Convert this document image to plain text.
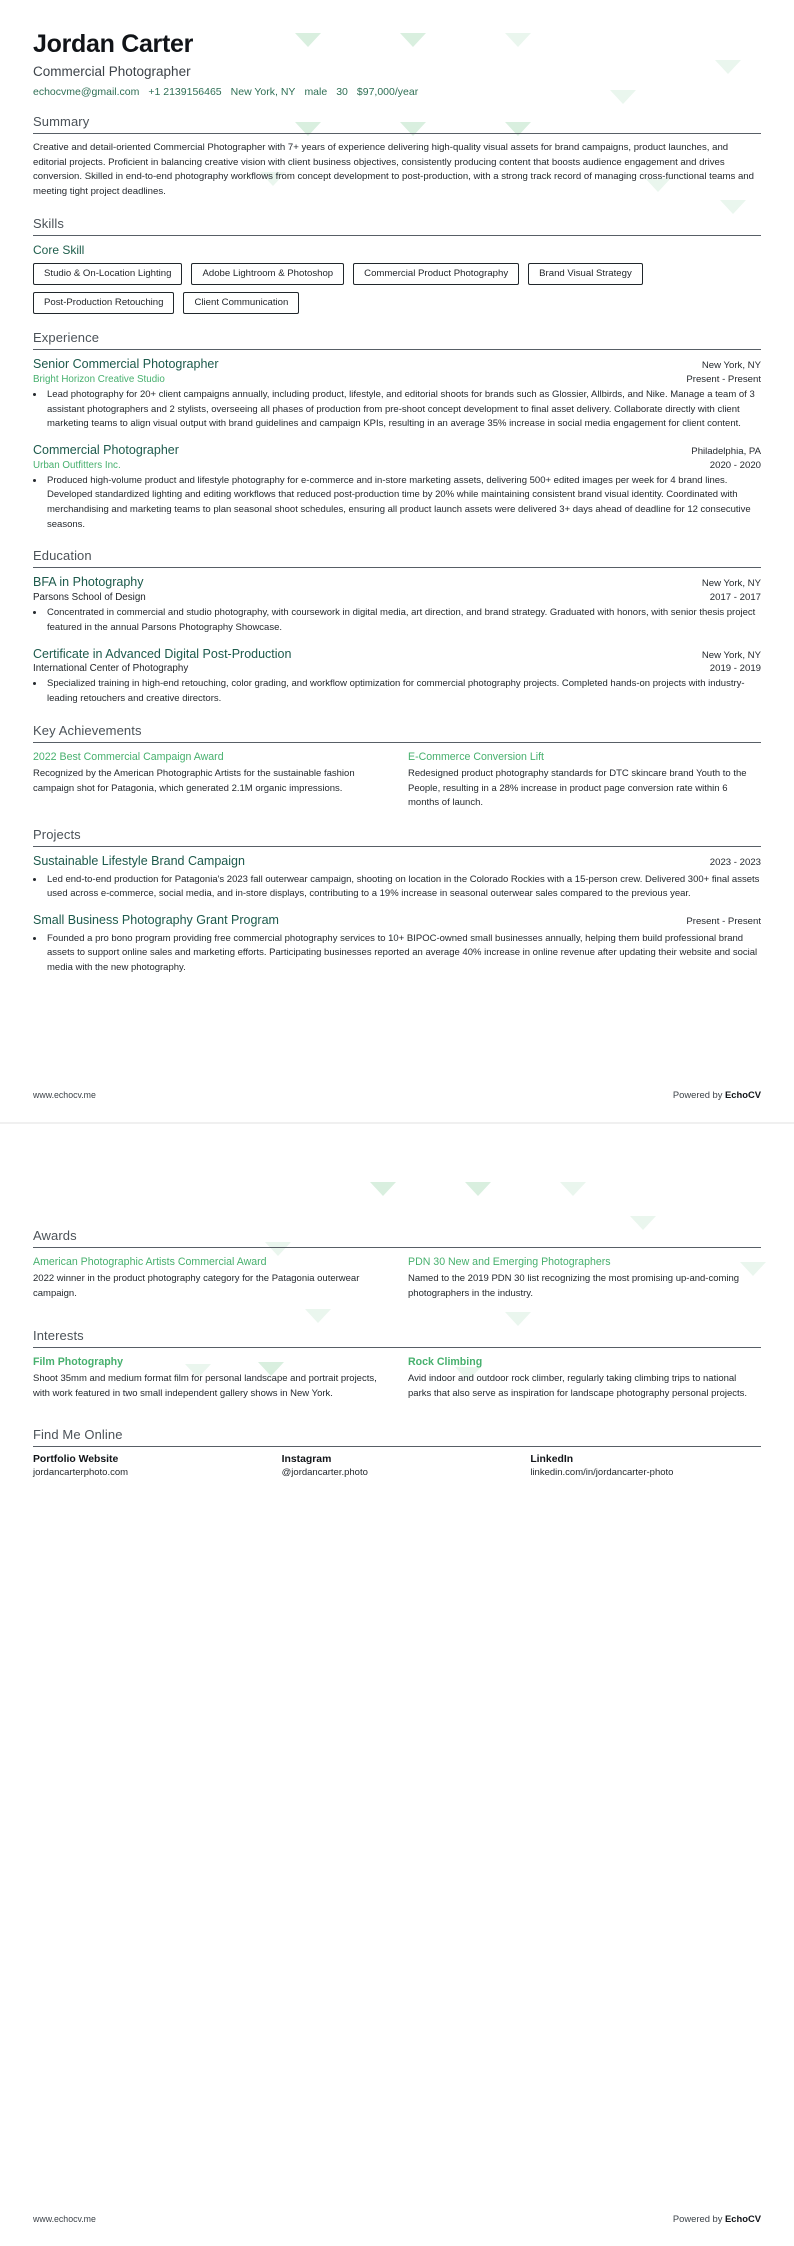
Jordan Carter
Commercial Photographer
echocvme@gmail.com +1 2139156465 New York, NY male 30 $97,000/year
Summary

Creative and detail-oriented Commercial Photographer with 7+ years of experience delivering high-quality visual assets for brand campaigns, product launches, and editorial projects. Proficient in balancing creative vision with client business objectives, consistently producing content that boosts audience engagement and drives conversion. Skilled in end-to-end photography workflows from concept development to post-production, with a strong track record of managing cross-functional teams and meeting tight project deadlines.

Skills
Core Skill
Studio & On-Location Lighting	Adobe Lightroom & Photoshop	Commercial Product Photography	Brand Visual Strategy
Post-Production Retouching	Client Communication
Experience
Senior Commercial Photographer	New York, NY
Bright Horizon Creative Studio	Present - Present
• Lead photography for 20+ client campaigns annually, including product, lifestyle, and editorial shoots for brands such as Glossier, Allbirds, and Nike. Manage a team of 3 assistant photographers and 2 stylists, overseeing all phases of production from pre-shoot concept development to final asset delivery. Collaborate directly with client marketing teams to align visual output with brand guidelines and campaign KPIs, resulting in an average 35% increase in social media engagement for client content.
Commercial Photographer	Philadelphia, PA
Urban Outfitters Inc.	2020 - 2020
• Produced high-volume product and lifestyle photography for e-commerce and in-store marketing assets, delivering 500+ edited images per week for 4 brand lines. Developed standardized lighting and editing workflows that reduced post-production time by 20% while maintaining consistent brand visual identity. Coordinated with merchandising and marketing teams to plan seasonal shoot schedules, ensuring all product launch assets were delivered 3+ days ahead of deadline for 12 consecutive seasons.
Education
BFA in Photography	New York, NY
Parsons School of Design	2017 - 2017
• Concentrated in commercial and studio photography, with coursework in digital media, art direction, and brand strategy. Graduated with honors, with senior thesis project featured in the annual Parsons Photography Showcase.
Certificate in Advanced Digital Post-Production	New York, NY
International Center of Photography	2019 - 2019
• Specialized training in high-end retouching, color grading, and workflow optimization for commercial photography projects. Completed hands-on projects with industry-leading retouchers and creative directors.
Key Achievements
2022 Best Commercial Campaign Award
Recognized by the American Photographic Artists for the sustainable fashion campaign shot for Patagonia, which generated 2.1M organic impressions.
E-Commerce Conversion Lift
Redesigned product photography standards for DTC skincare brand Youth to the People, resulting in a 28% increase in product page conversion rate within 6 months of launch.
Projects
Sustainable Lifestyle Brand Campaign	2023 - 2023
• Led end-to-end production for Patagonia's 2023 fall outerwear campaign, shooting on location in the Colorado Rockies with a 15-person crew. Delivered 300+ final assets used across e-commerce, social media, and in-store displays, contributing to a 19% increase in seasonal outerwear sales compared to the previous year.
Small Business Photography Grant Program	Present - Present
• Founded a pro bono program providing free commercial photography services to 10+ BIPOC-owned small businesses annually, helping them build professional brand assets to support online sales and marketing efforts. Participating businesses reported an average 40% increase in online revenue after updating their website and social media with the new photography.
www.echocv.me	Powered by EchoCV
Awards
American Photographic Artists Commercial Award
2022 winner in the product photography category for the Patagonia outerwear campaign.
PDN 30 New and Emerging Photographers
Named to the 2019 PDN 30 list recognizing the most promising up-and-coming photographers in the industry.
Interests
Film Photography
Shoot 35mm and medium format film for personal landscape and portrait projects, with work featured in two small independent gallery shows in New York.
Rock Climbing
Avid indoor and outdoor rock climber, regularly taking climbing trips to national parks that also serve as inspiration for landscape photography personal projects.
Find Me Online
Portfolio Website
jordancarterphoto.com
Instagram
@jordancarter.photo
LinkedIn
linkedin.com/in/jordancarter-photo
www.echocv.me	Powered by EchoCV
